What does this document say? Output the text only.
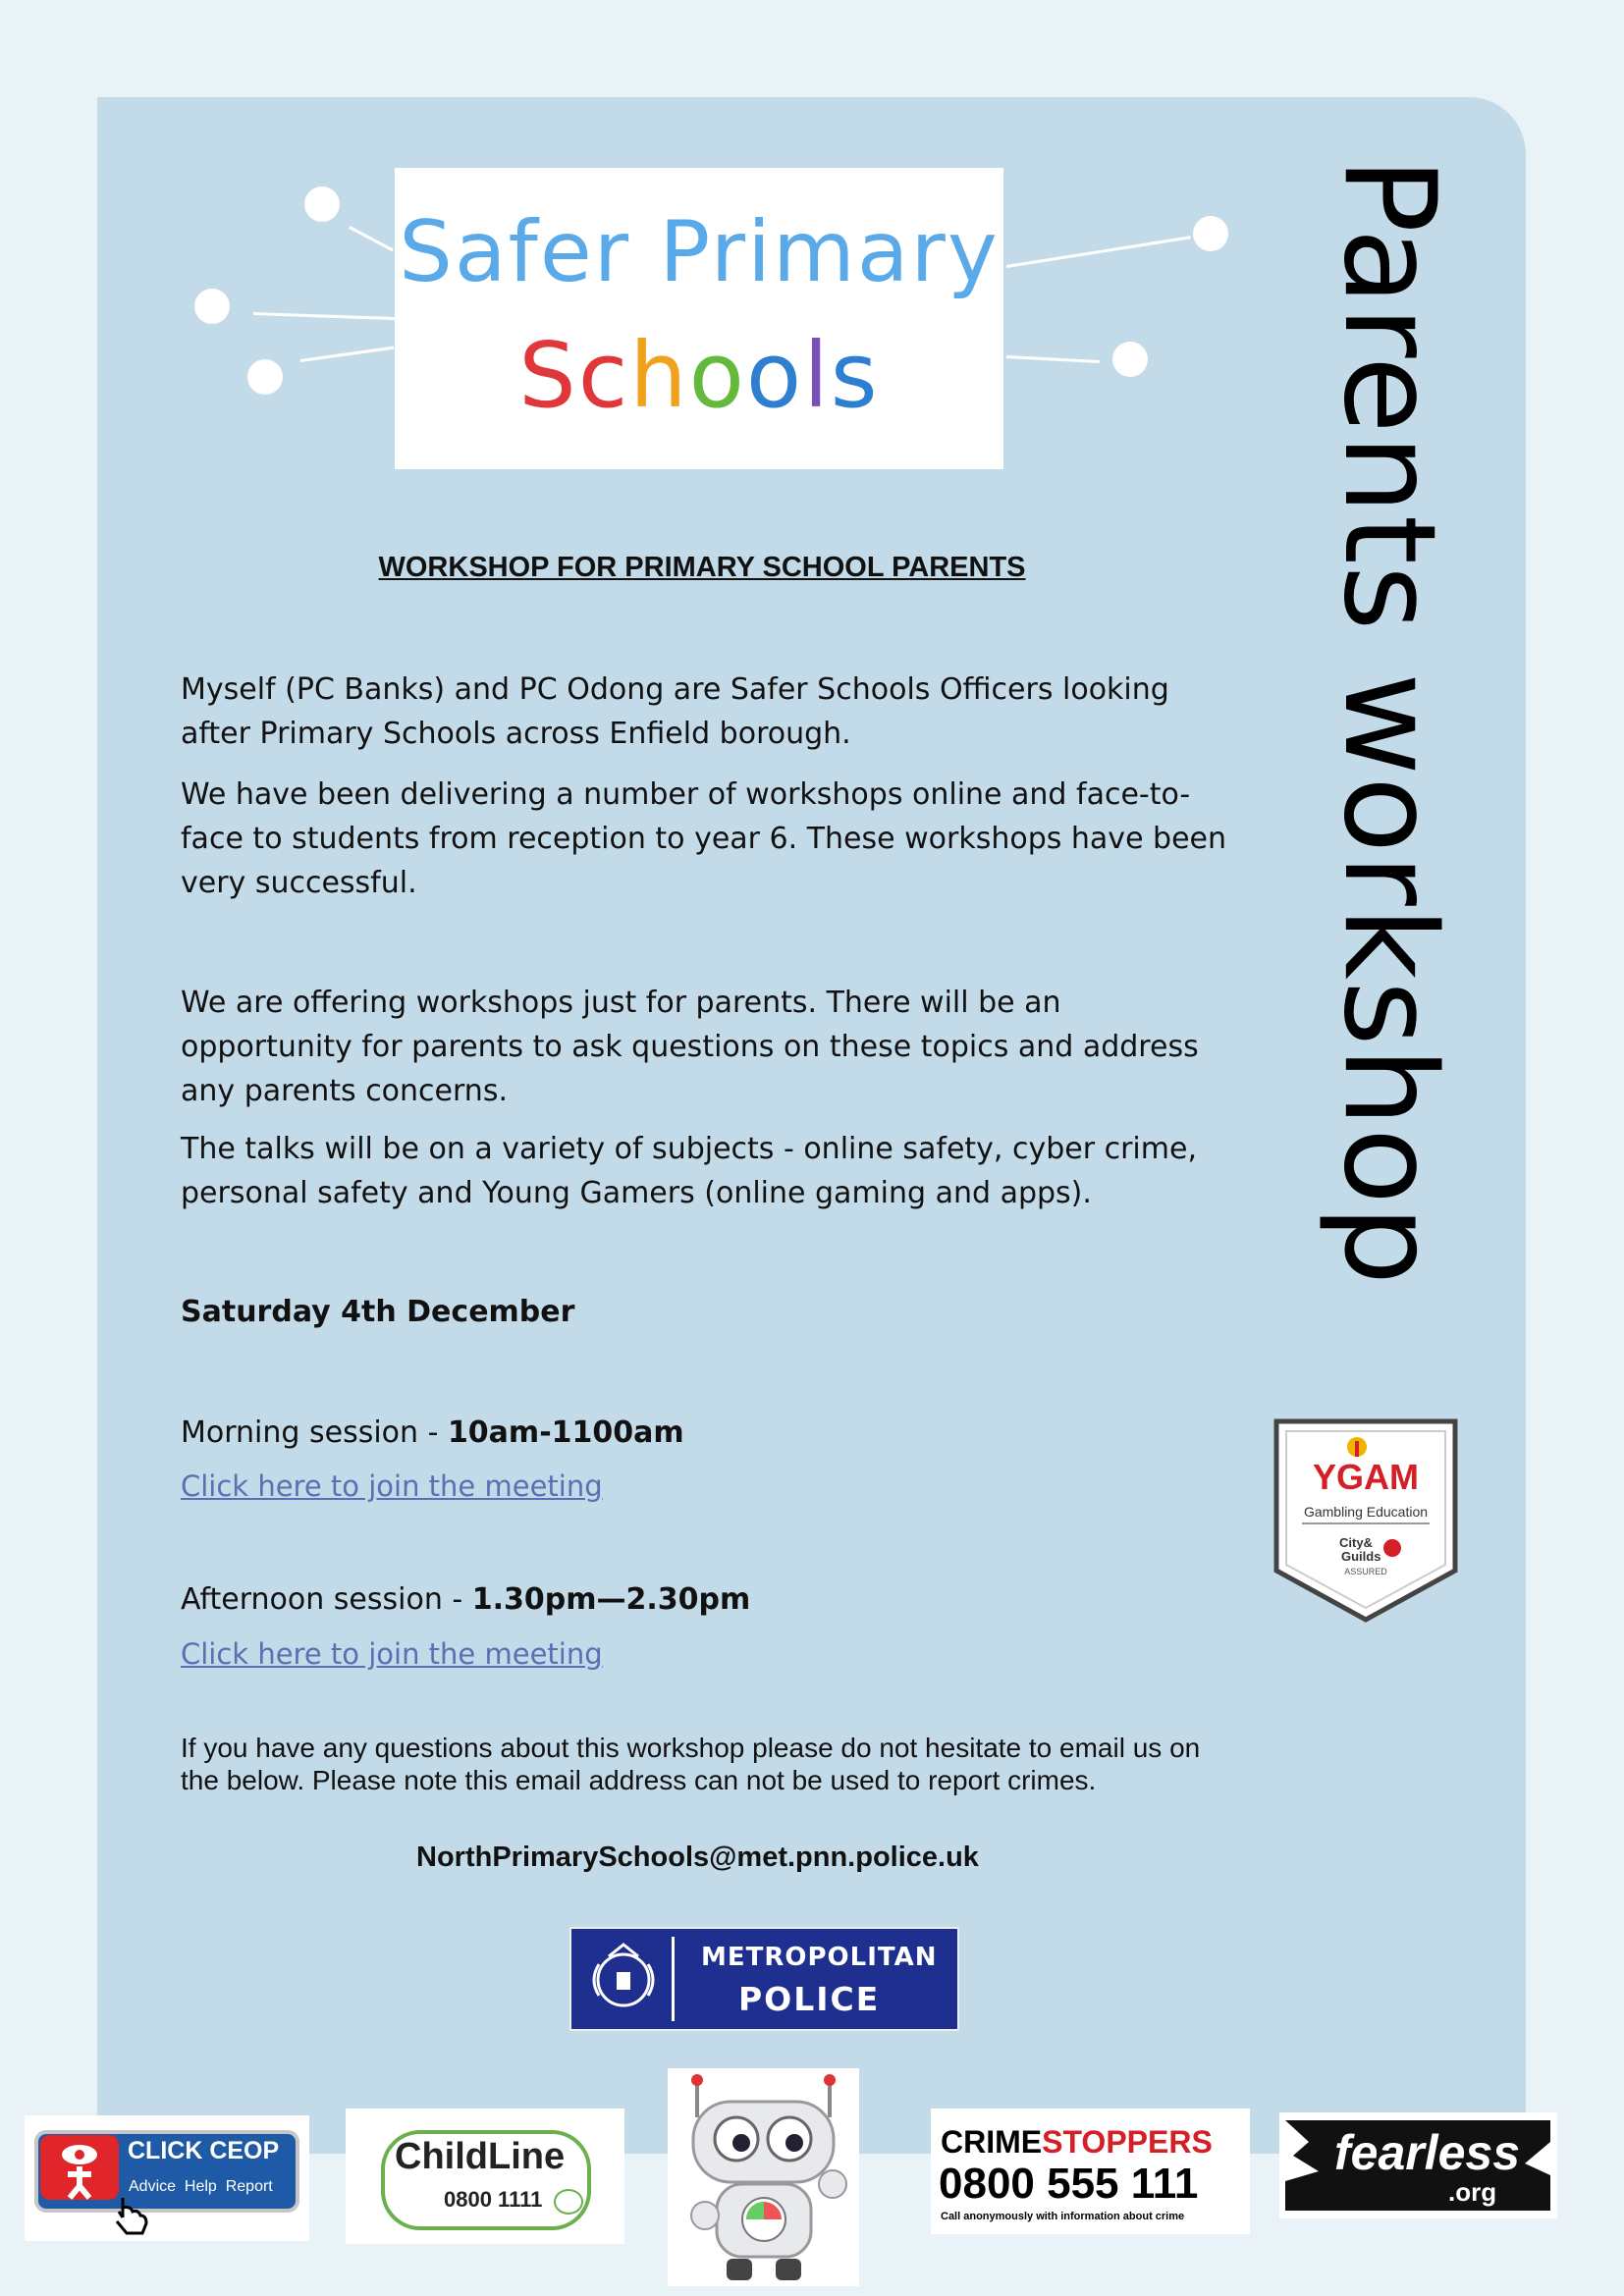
Safer Primary
Schools	Parents workshop
WORKSHOP FOR PRIMARY SCHOOL PARENTS

Myself (PC Banks) and PC Odong are Safer Schools Officers looking after Primary Schools across Enfield borough.

We have been delivering a number of workshops online and face-to-face to students from reception to year 6. These workshops have been very successful.

We are offering workshops just for parents. There will be an opportunity for parents to ask questions on these topics and address any parents concerns.

The talks will be on a variety of subjects - online safety, cyber crime, personal safety and Young Gamers (online gaming and apps).

Saturday 4th December
Morning session - 10am-1100am
Click here to join the meeting
Afternoon session - 1.30pm—2.30pm
Click here to join the meeting
If you have any questions about this workshop please do not hesitate to email us on the below. Please note this email address can not be used to report crimes.
NorthPrimarySchools@met.pnn.police.uk
METROPOLITAN
POLICE
YGAM
Gambling Education
City&
Guilds
ASSURED
CLICK CEOP
Advice  Help  Report
ChildLine
0800 1111
CRIMESTOPPERS
0800 555 111
Call anonymously with information about crime
fearless
.org
